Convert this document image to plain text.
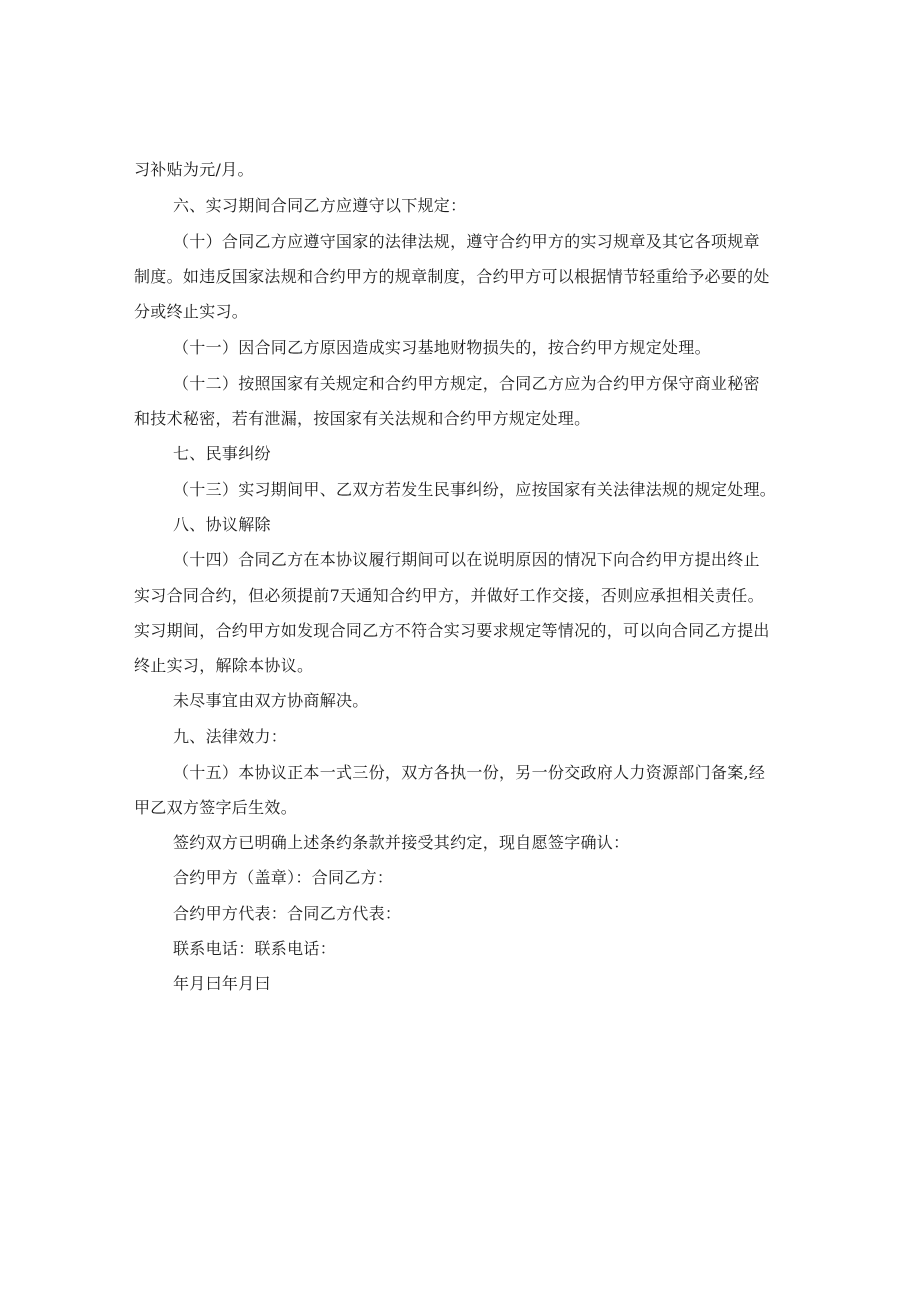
习补贴为元/月。
六、实习期间合同乙方应遵守以下规定：
（十）合同乙方应遵守国家的法律法规，遵守合约甲方的实习规章及其它各项规章
制度。如违反国家法规和合约甲方的规章制度，合约甲方可以根据情节轻重给予必要的处
分或终止实习。
（十一）因合同乙方原因造成实习基地财物损失的，按合约甲方规定处理。
（十二）按照国家有关规定和合约甲方规定，合同乙方应为合约甲方保守商业秘密
和技术秘密，若有泄漏，按国家有关法规和合约甲方规定处理。
七、民事纠纷
（十三）实习期间甲、乙双方若发生民事纠纷，应按国家有关法律法规的规定处理。
八、协议解除
（十四）合同乙方在本协议履行期间可以在说明原因的情况下向合约甲方提出终止
实习合同合约，但必须提前7天通知合约甲方，并做好工作交接，否则应承担相关责任。
实习期间，合约甲方如发现合同乙方不符合实习要求规定等情况的，可以向合同乙方提出
终止实习，解除本协议。
未尽事宜由双方协商解决。
九、法律效力：
（十五）本协议正本一式三份，双方各执一份，另一份交政府人力资源部门备案,经
甲乙双方签字后生效。
签约双方已明确上述条约条款并接受其约定，现自愿签字确认：
合约甲方（盖章）：合同乙方：
合约甲方代表：合同乙方代表：
联系电话：联系电话：
年月曰年月曰
